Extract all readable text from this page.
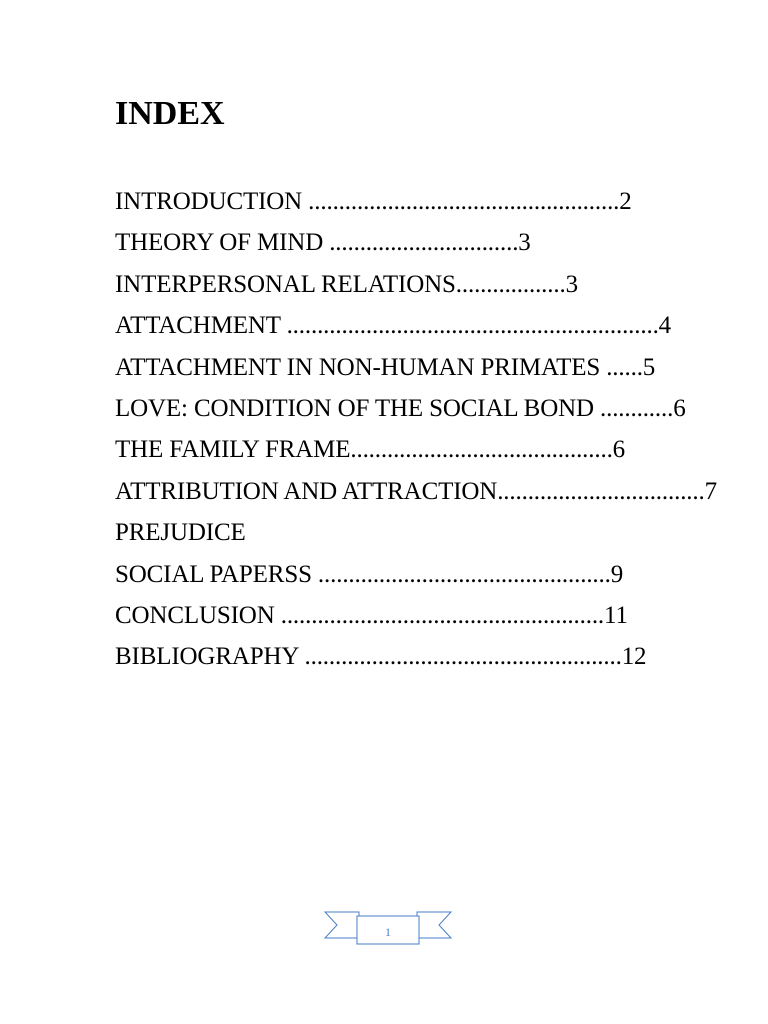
INDEX
INTRODUCTION ...................................................2
THEORY OF MIND ...............................3
INTERPERSONAL RELATIONS..................3
ATTACHMENT .............................................................4
ATTACHMENT IN NON-HUMAN PRIMATES ......5
LOVE: CONDITION OF THE SOCIAL BOND ............6
THE FAMILY FRAME...........................................6
ATTRIBUTION AND ATTRACTION..................................7
PREJUDICE
SOCIAL PAPERSS ................................................9
CONCLUSION .....................................................11
BIBLIOGRAPHY ....................................................12
1
